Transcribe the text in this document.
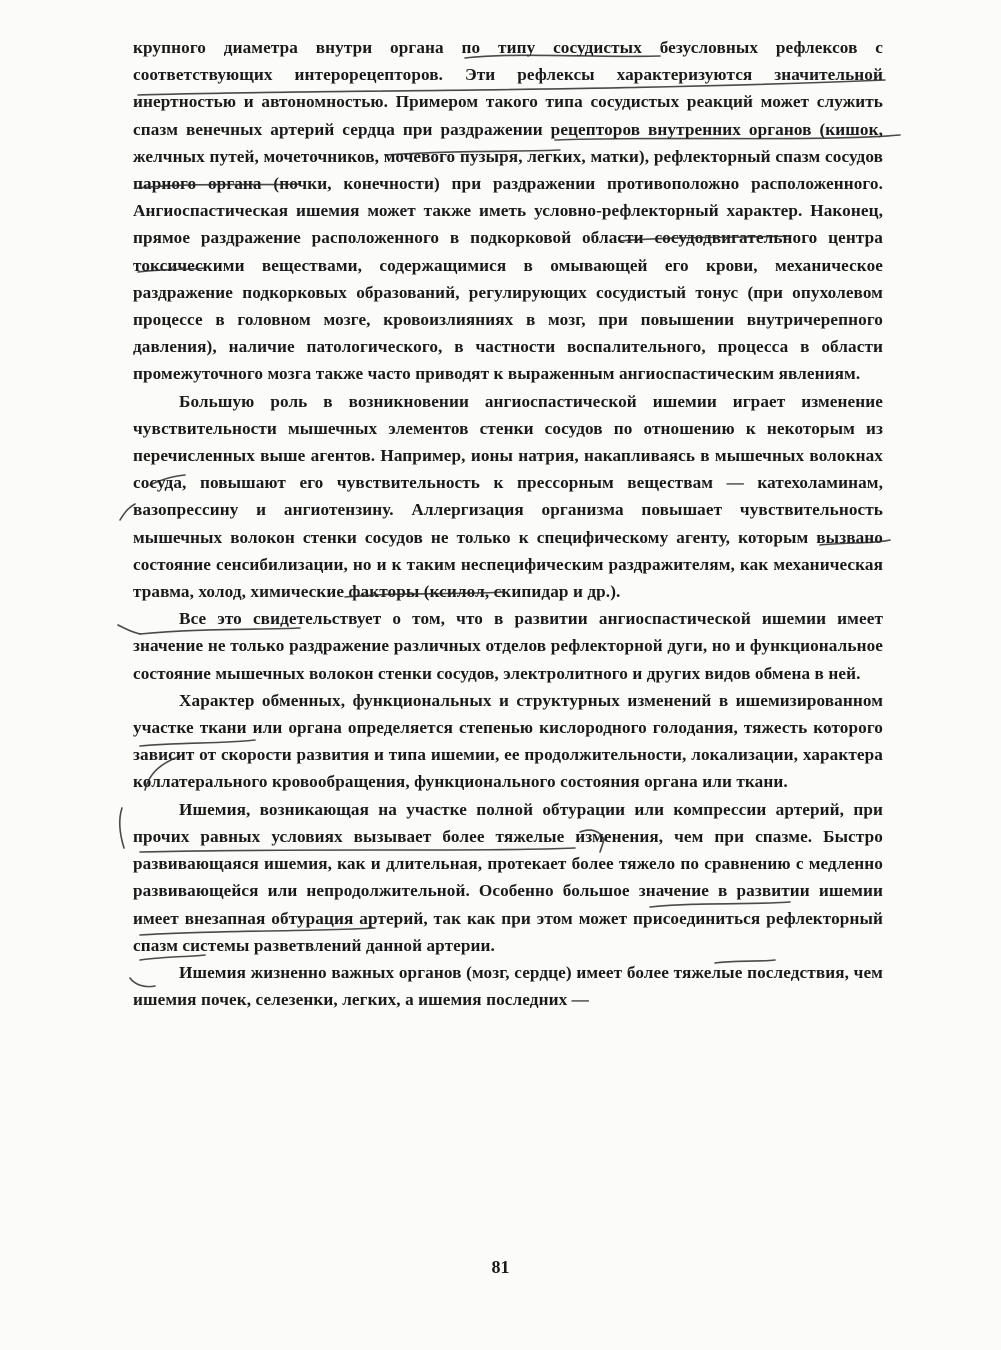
крупного диаметра внутри органа по типу сосудистых безусловных рефлексов с соответствующих интерорецепторов. Эти рефлексы характеризуются значительной инертностью и автономностью. Примером такого типа сосудистых реакций может служить спазм венечных артерий сердца при раздражении рецепторов внутренних органов (кишок, желчных путей, мочеточников, мочевого пузыря, легких, матки), рефлекторный спазм сосудов парного органа (почки, конечности) при раздражении противоположно расположенного. Ангиоспастическая ишемия может также иметь условно-рефлекторный характер. Наконец, прямое раздражение расположенного в подкорковой области сосудодвигательного центра токсическими веществами, содержащимися в омывающей его крови, механическое раздражение подкорковых образований, регулирующих сосудистый тонус (при опухолевом процессе в головном мозге, кровоизлияниях в мозг, при повышении внутричерепного давления), наличие патологического, в частности воспалительного, процесса в области промежуточного мозга также часто приводят к выраженным ангиоспастическим явлениям.

Большую роль в возникновении ангиоспастической ишемии играет изменение чувствительности мышечных элементов стенки сосудов по отношению к некоторым из перечисленных выше агентов. Например, ионы натрия, накапливаясь в мышечных волокнах сосуда, повышают его чувствительность к прессорным веществам — катехоламинам, вазопрессину и ангиотензину. Аллергизация организма повышает чувствительность мышечных волокон стенки сосудов не только к специфическому агенту, которым вызвано состояние сенсибилизации, но и к таким неспецифическим раздражителям, как механическая травма, холод, химические факторы (ксилол, скипидар и др.).

Все это свидетельствует о том, что в развитии ангиоспастической ишемии имеет значение не только раздражение различных отделов рефлекторной дуги, но и функциональное состояние мышечных волокон стенки сосудов, электролитного и других видов обмена в ней.

Характер обменных, функциональных и структурных изменений в ишемизированном участке ткани или органа определяется степенью кислородного голодания, тяжесть которого зависит от скорости развития и типа ишемии, ее продолжительности, локализации, характера коллатерального кровообращения, функционального состояния органа или ткани.

Ишемия, возникающая на участке полной обтурации или компрессии артерий, при прочих равных условиях вызывает более тяжелые изменения, чем при спазме. Быстро развивающаяся ишемия, как и длительная, протекает более тяжело по сравнению с медленно развивающейся или непродолжительной. Особенно большое значение в развитии ишемии имеет внезапная обтурация артерий, так как при этом может присоединиться рефлекторный спазм системы разветвлений данной артерии.

Ишемия жизненно важных органов (мозг, сердце) имеет более тяжелые последствия, чем ишемия почек, селезенки, легких, а ишемия последних —

81
